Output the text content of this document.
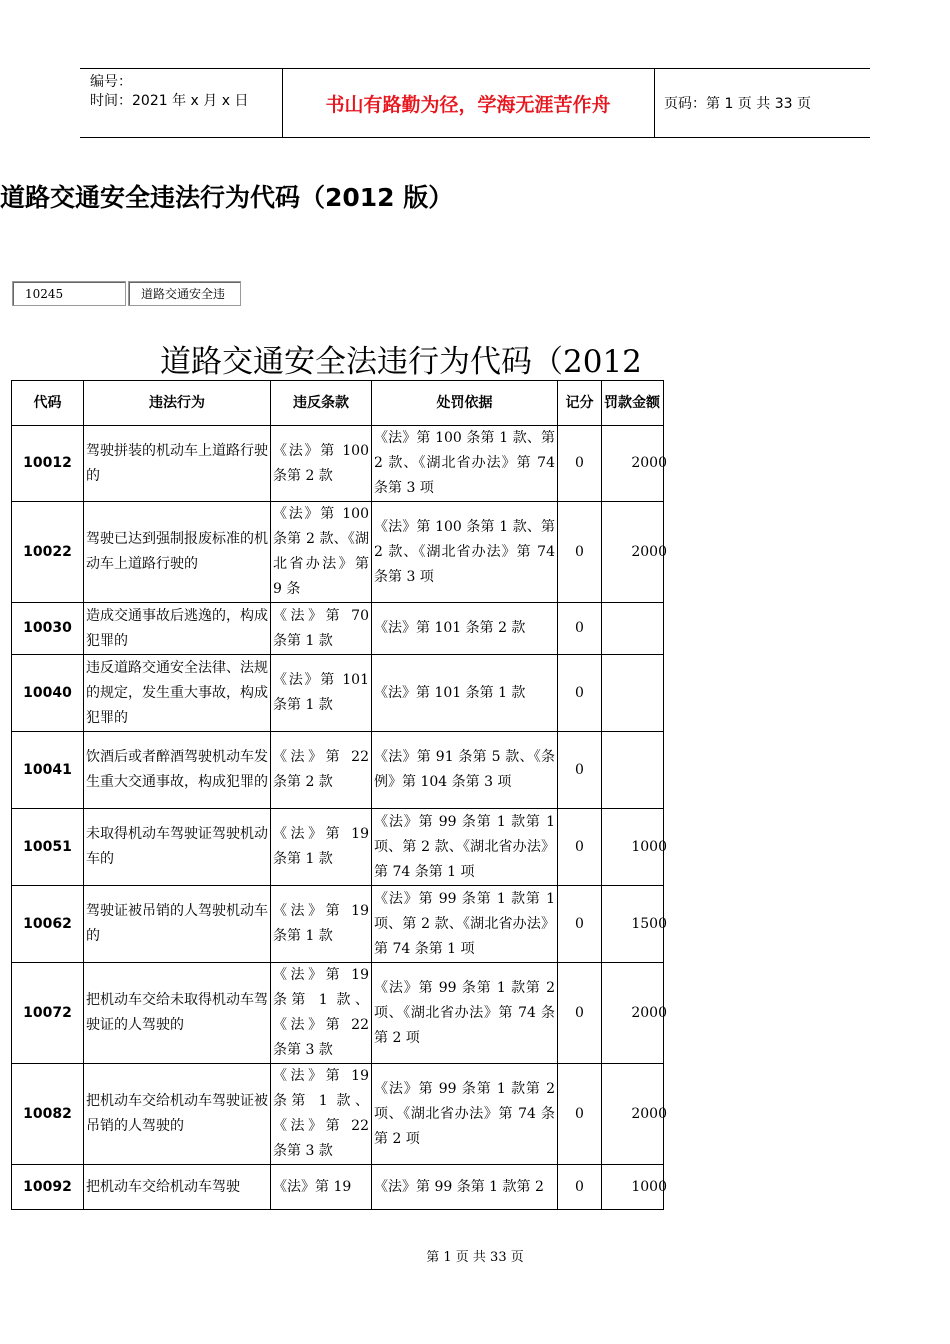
编号：
时间：2021 年 x 月 x 日	书山有路勤为径，学海无涯苦作舟	页码：第 1 页 共 33 页
道路交通安全违法行为代码（2012 版）
10245	道路交通安全违
道路交通安全法违行为代码（2012
代码	违法行为	违反条款	处罚依据	记分	罚款金额
10012	驾驶拼装的机动车上道路行驶的	《法》第 100 条第 2 款	《法》第 100 条第 1 款、第 2 款、《湖北省办法》第 74 条第 3 项	0	2000
10022	驾驶已达到强制报废标准的机动车上道路行驶的	《法》第 100 条第 2 款、《湖北省办法》第 9 条	《法》第 100 条第 1 款、第 2 款、《湖北省办法》第 74 条第 3 项	0	2000
10030	造成交通事故后逃逸的，构成犯罪的	《法》第 70 条第 1 款	《法》第 101 条第 2 款	0	
10040	违反道路交通安全法律、法规的规定，发生重大事故，构成犯罪的	《法》第 101 条第 1 款	《法》第 101 条第 1 款	0	
10041	饮酒后或者醉酒驾驶机动车发生重大交通事故，构成犯罪的	《法》第 22 条第 2 款	《法》第 91 条第 5 款、《条例》第 104 条第 3 项	0	
10051	未取得机动车驾驶证驾驶机动车的	《法》第 19 条第 1 款	《法》第 99 条第 1 款第 1 项、第 2 款、《湖北省办法》第 74 条第 1 项	0	1000
10062	驾驶证被吊销的人驾驶机动车的	《法》第 19 条第 1 款	《法》第 99 条第 1 款第 1 项、第 2 款、《湖北省办法》第 74 条第 1 项	0	1500
10072	把机动车交给未取得机动车驾驶证的人驾驶的	《法》第 19 条第 1 款、《法》第 22 条第 3 款	《法》第 99 条第 1 款第 2 项、《湖北省办法》第 74 条第 2 项	0	2000
10082	把机动车交给机动车驾驶证被吊销的人驾驶的	《法》第 19 条第 1 款、《法》第 22 条第 3 款	《法》第 99 条第 1 款第 2 项、《湖北省办法》第 74 条第 2 项	0	2000
10092	把机动车交给机动车驾驶	《法》第 19	《法》第 99 条第 1 款第 2	0	1000
第 1 页 共 33 页
